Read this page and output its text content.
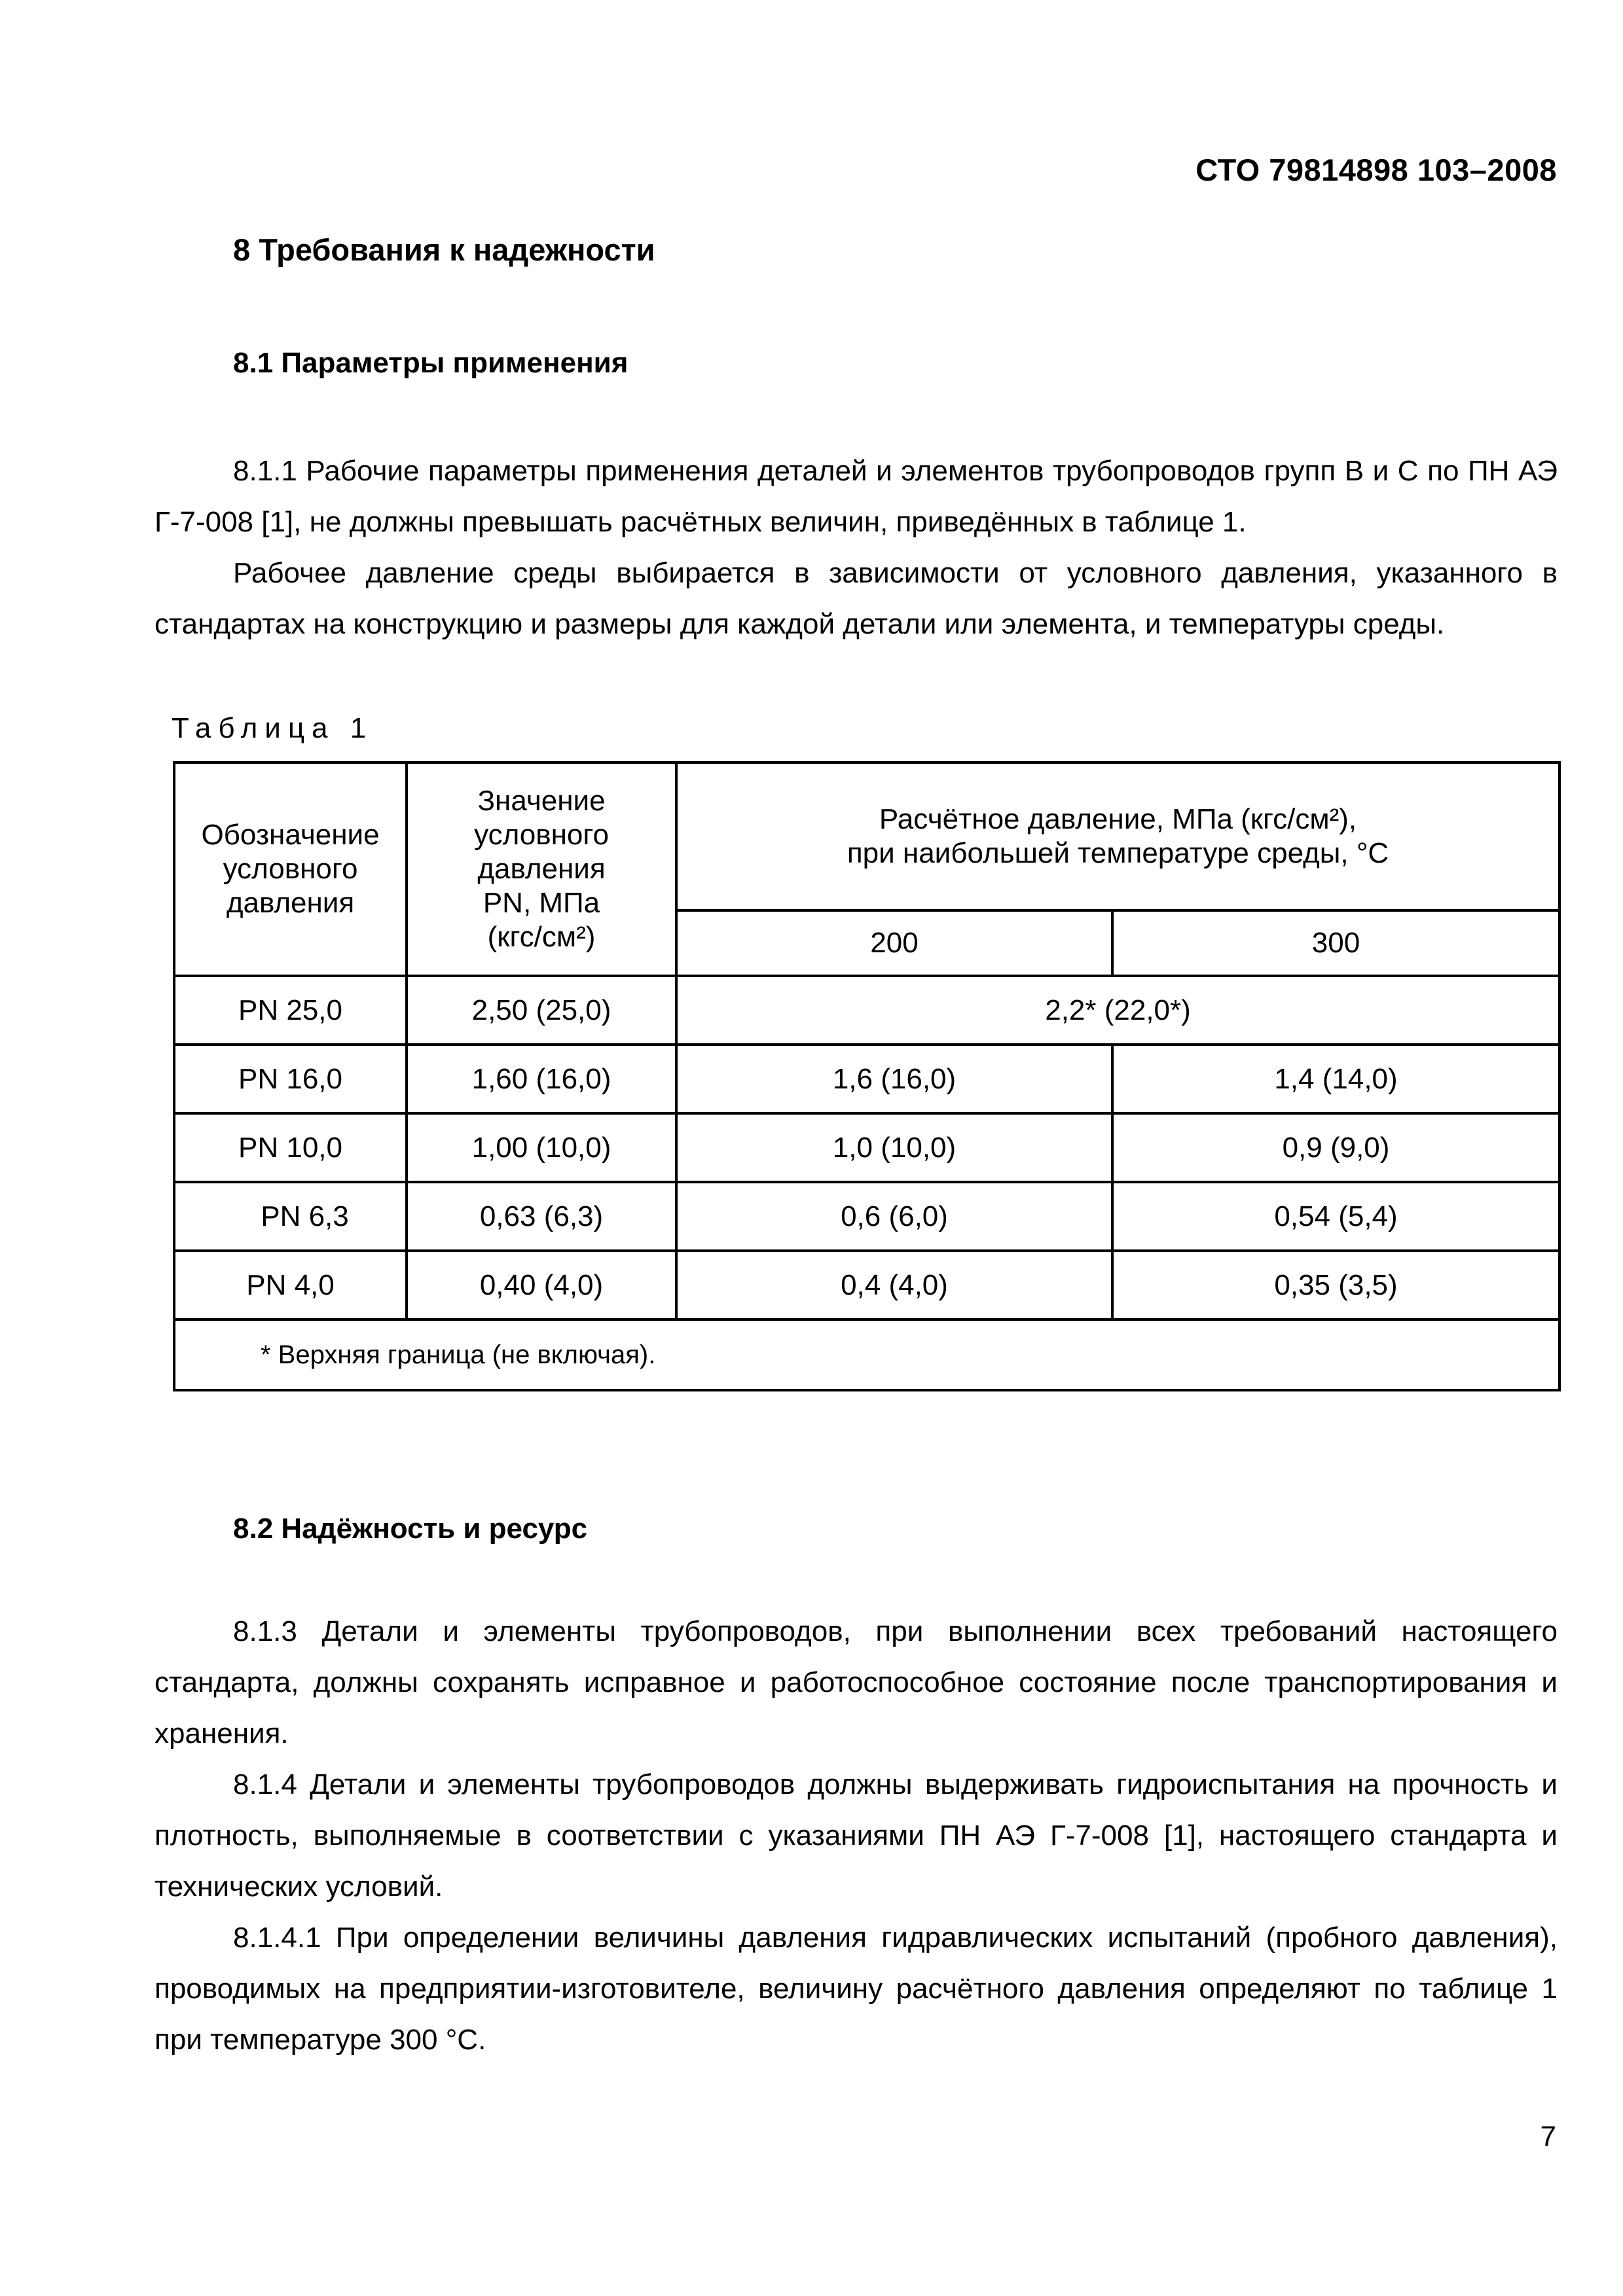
СТО 79814898 103–2008
8 Требования к надежности
8.1 Параметры применения

8.1.1 Рабочие параметры применения деталей и элементов трубопроводов групп В и С по ПН АЭ Г-7-008 [1], не должны превышать расчётных величин, приведённых в таблице 1.

Рабочее давление среды выбирается в зависимости от условного давления, указанного в стандартах на конструкцию и размеры для каждой детали или элемента, и температуры среды.

Таблица 1
Обозначение условного давления	Значение условного давления PN, МПа (кгс/см²)	Расчётное давление, МПа (кгс/см²),
при наибольшей температуре среды, °С	

		200	300
PN 25,0	2,50 (25,0)	2,2* (22,0*)	
PN 16,0	1,60 (16,0)	1,6 (16,0)	1,4 (14,0)
PN 10,0	1,00 (10,0)	1,0 (10,0)	0,9 (9,0)
PN 6,3	0,63 (6,3)	0,6 (6,0)	0,54 (5,4)
PN 4,0	0,40 (4,0)	0,4 (4,0)	0,35 (3,5)
* Верхняя граница (не включая).			
8.2 Надёжность и ресурс

8.1.3 Детали и элементы трубопроводов, при выполнении всех требований настоящего стандарта, должны сохранять исправное и работоспособное состояние после транспортирования и хранения.

8.1.4 Детали и элементы трубопроводов должны выдерживать гидроиспытания на прочность и плотность, выполняемые в соответствии с указаниями ПН АЭ Г-7-008 [1], настоящего стандарта и технических условий.

8.1.4.1 При определении величины давления гидравлических испытаний (пробного давления), проводимых на предприятии-изготовителе, величину расчётного давления определяют по таблице 1 при температуре 300 °С.

7
